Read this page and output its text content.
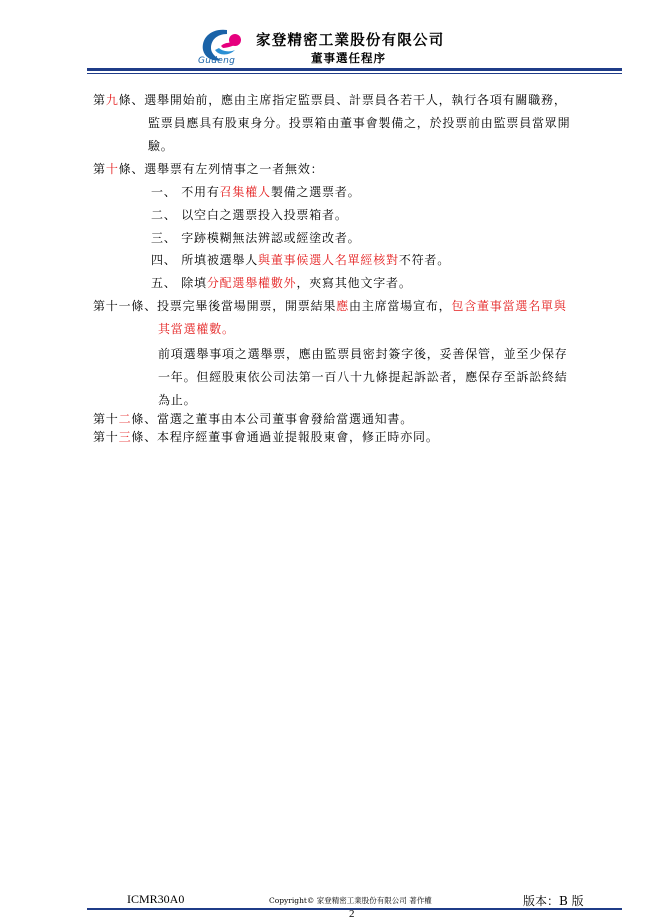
Gudeng
家登精密工業股份有限公司
董事選任程序
第九條、選舉開始前，應由主席指定監票員、計票員各若干人，執行各項有關職務，
監票員應具有股東身分。投票箱由董事會製備之，於投票前由監票員當眾開
驗。
第十條、選舉票有左列情事之一者無效：
一、 不用有召集權人製備之選票者。
二、 以空白之選票投入投票箱者。
三、 字跡模糊無法辨認或經塗改者。
四、 所填被選舉人與董事候選人名單經核對不符者。
五、 除填分配選舉權數外，夾寫其他文字者。
第十一條、投票完畢後當場開票，開票結果應由主席當場宣布，包含董事當選名單與
其當選權數。
前項選舉事項之選舉票，應由監票員密封簽字後，妥善保管，並至少保存
一年。但經股東依公司法第一百八十九條提起訴訟者，應保存至訴訟終結
為止。
第十二條、當選之董事由本公司董事會發給當選通知書。
第十三條、本程序經董事會通過並提報股東會，修正時亦同。
ICMR30A0	Copyright© 家登精密工業股份有限公司 著作權	版本：B 版
2
